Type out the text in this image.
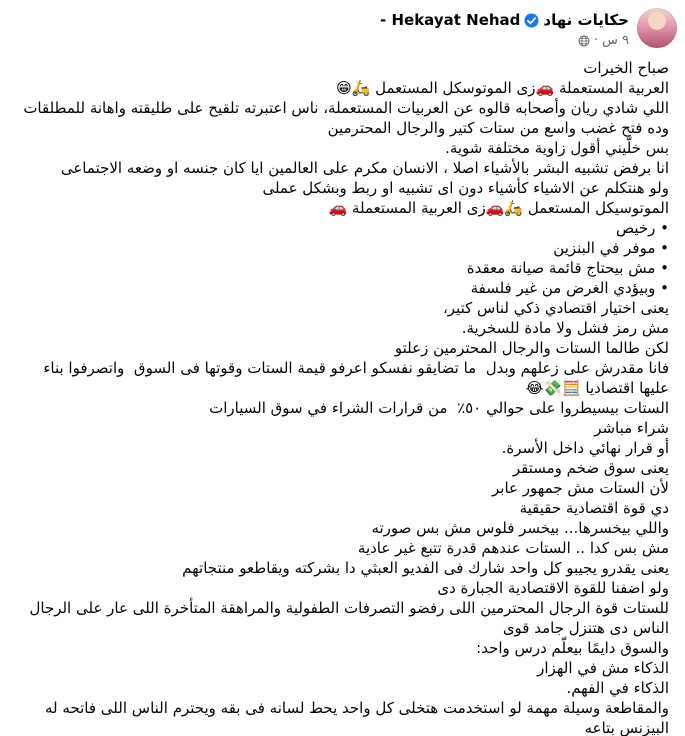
حكايات نهاد
- Hekayat Nehad
٩ س
·
صباح الخيرات
العربية المستعملة 🚗زى الموتوسكل المستعمل 🛵😁
اللي شادي ريان وأصحابه قالوه عن العربيات المستعملة، ناس اعتبرته تلقيح على طليقته واهانة للمطلقات
وده فتح غضب واسع من ستات كتير والرجال المحترمين
بس خلّيني أقول زاوية مختلفة شوية.
انا برفض تشبيه البشر بالأشياء اصلا ، الانسان مكرم على العالمين ايا كان جنسه او وضعه الاجتماعى
ولو هنتكلم عن الاشياء كأشياء دون اى تشبيه او ربط وبشكل عملى
الموتوسيكل المستعمل 🛵🚗زى العربية المستعملة 🚗
• رخيص
• موفر في البنزين
• مش بيحتاج قائمة صيانة معقدة
• وبيؤدي الغرض من غير فلسفة
يعنى اختيار اقتصادي ذكي لناس كتير،
مش رمز فشل ولا مادة للسخرية.
لكن طالما الستات والرجال المحترمين زعلتو
فانا مقدرش على زعلهم وبدل  ما تضايقو نفسكو اعرفو قيمة الستات وقوتها فى السوق  واتصرفوا بناء عليها اقتصاديا 🧮💸😂
الستات بيسيطروا على حوالي ٥٠٪  من قرارات الشراء في سوق السيارات
شراء مباشر
أو قرار نهائي داخل الأسرة.
يعنى سوق ضخم ومستقر
لأن الستات مش جمهور عابر
دي قوة اقتصادية حقيقية
واللي بيخسرها... بيخسر فلوس مش بس صورته
مش بس كدا .. الستات عندهم قدرة تتبع غير عادية
يعنى يقدرو يجيبو كل واحد شارك فى الفديو العبثي دا بشركته ويقاطعو منتجاتهم
ولو اضفنا للقوة الاقتصادية الجبارة دى
للستات قوة الرجال المحترمين اللى رفضو التصرفات الطفولية والمراهقة المتأخرة اللى عار على الرجال
الناس دى هتنزل جامد قوى
والسوق دايمًا بيعلّم درس واحد:
الذكاء مش في الهزار
الذكاء في الفهم.
والمقاطعة وسيلة مهمة لو استخدمت هتخلى كل واحد يحط لسانه فى بقه ويحترم الناس اللى فاتحه له البيزنس بتاعه
